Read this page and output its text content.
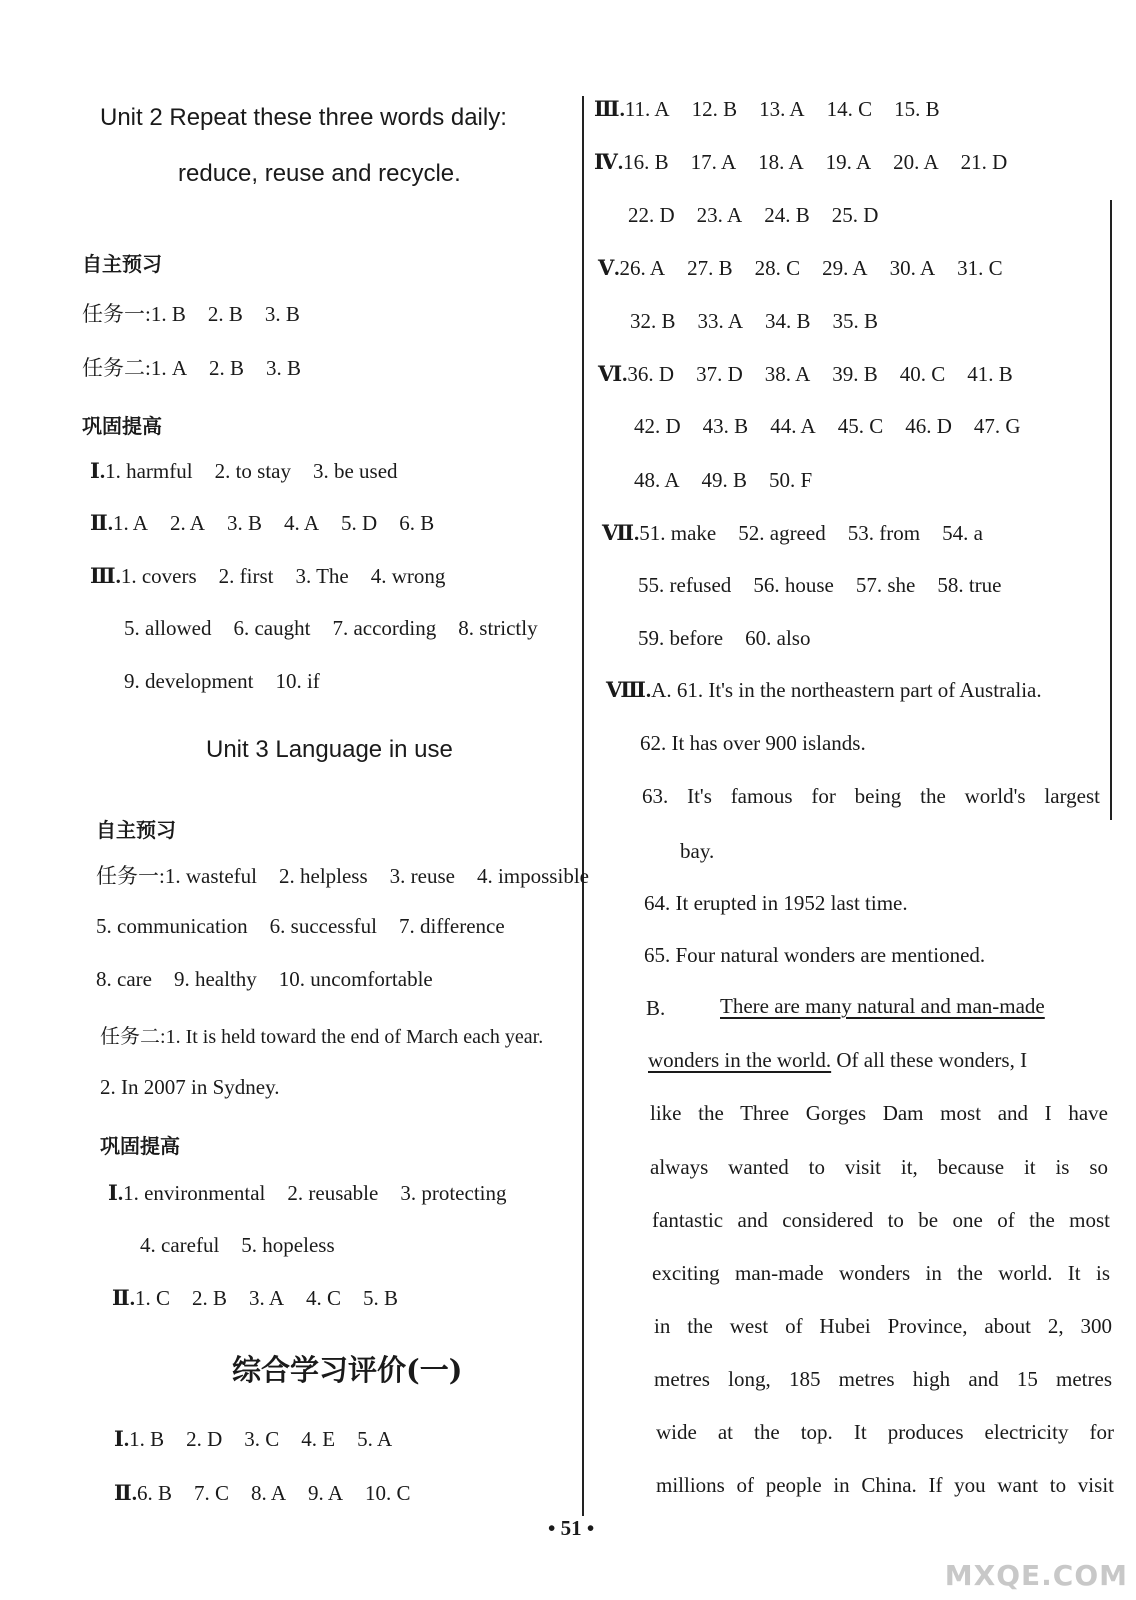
Unit 2 Repeat these three words daily:
reduce, reuse and recycle.
自主预习
任务一:1. B 2. B 3. B
任务二:1. A 2. B 3. B
巩固提高
Ⅰ.1. harmful 2. to stay 3. be used
Ⅱ.1. A 2. A 3. B 4. A 5. D 6. B
Ⅲ.1. covers 2. first 3. The 4. wrong
5. allowed 6. caught 7. according 8. strictly
9. development 10. if
Unit 3 Language in use
自主预习
任务一:1. wasteful 2. helpless 3. reuse 4. impossible
5. communication 6. successful 7. difference
8. care 9. healthy 10. uncomfortable
任务二:1. It is held toward the end of March each year.
2. In 2007 in Sydney.
巩固提高
Ⅰ.1. environmental 2. reusable 3. protecting
4. careful 5. hopeless
Ⅱ.1. C 2. B 3. A 4. C 5. B
综合学习评价(一)
Ⅰ.1. B 2. D 3. C 4. E 5. A
Ⅱ.6. B 7. C 8. A 9. A 10. C
Ⅲ.11. A 12. B 13. A 14. C 15. B
Ⅳ.16. B 17. A 18. A 19. A 20. A 21. D
22. D 23. A 24. B 25. D
Ⅴ.26. A 27. B 28. C 29. A 30. A 31. C
32. B 33. A 34. B 35. B
Ⅵ.36. D 37. D 38. A 39. B 40. C 41. B
42. D 43. B 44. A 45. C 46. D 47. G
48. A 49. B 50. F
Ⅶ.51. make 52. agreed 53. from 54. a
55. refused 56. house 57. she 58. true
59. before 60. also
Ⅷ.A. 61. It's in the northeastern part of Australia.
62. It has over 900 islands.
63. It's famous for being the world's largest
bay.
64. It erupted in 1952 last time.
65. Four natural wonders are mentioned.
B.	There are many natural and man-made
wonders in the world. Of all these wonders, I
like the Three Gorges Dam most and I have
always wanted to visit it, because it is so
fantastic and considered to be one of the most
exciting man-made wonders in the world. It is
in the west of Hubei Province, about 2, 300
metres long, 185 metres high and 15 metres
wide at the top. It produces electricity for
millions of people in China. If you want to visit
• 51 •
MXQE.COM
